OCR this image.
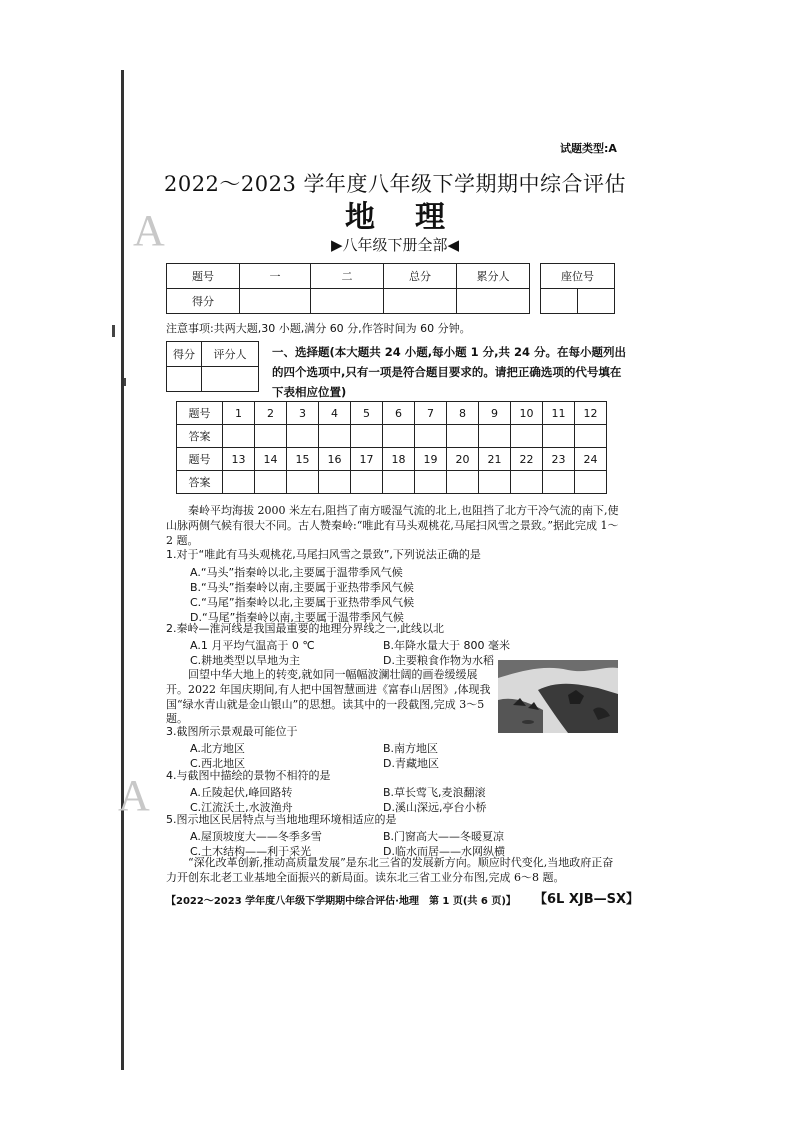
A
A
试题类型:A
2022～2023 学年度八年级下学期期中综合评估
地理
▶八年级下册全部◀
题号	一	二	总分	累分人
得分				
座位号

注意事项:共两大题,30 小题,满分 60 分,作答时间为 60 分钟。
得分	评分人
	一、选择题(本大题共 24 小题,每小题 1 分,共 24 分。在每小题列出的四个选项中,只有一项是符合题目要求的。请把正确选项的代号填在下表相应位置)
题号	1	2	3	4	5	6	7	8	9	10	11	12
答案												
题号	13	14	15	16	17	18	19	20	21	22	23	24
答案												
秦岭平均海拔 2000 米左右,阻挡了南方暖湿气流的北上,也阻挡了北方干冷气流的南下,使山脉两侧气候有很大不同。古人赞秦岭:“唯此有马头观桃花,马尾扫风雪之景致。”据此完成 1～2 题。
1.对于“唯此有马头观桃花,马尾扫风雪之景致”,下列说法正确的是
A.“马头”指秦岭以北,主要属于温带季风气候
B.“马头”指秦岭以南,主要属于亚热带季风气候
C.“马尾”指秦岭以北,主要属于亚热带季风气候
D.“马尾”指秦岭以南,主要属于温带季风气候
2.秦岭—淮河线是我国最重要的地理分界线之一,此线以北
A.1 月平均气温高于 0 ℃	B.年降水量大于 800 毫米
C.耕地类型以旱地为主	D.主要粮食作物为水稻
回望中华大地上的转变,就如同一幅幅波澜壮阔的画卷缓缓展开。2022 年国庆期间,有人把中国智慧画进《富春山居图》,体现我国“绿水青山就是金山银山”的思想。读其中的一段截图,完成 3～5 题。
3.截图所示景观最可能位于
A.北方地区	B.南方地区
C.西北地区	D.青藏地区
4.与截图中描绘的景物不相符的是
A.丘陵起伏,峰回路转	B.草长莺飞,麦浪翻滚
C.江流沃土,水波渔舟	D.溪山深远,亭台小桥
5.图示地区民居特点与当地地理环境相适应的是
A.屋顶坡度大——冬季多雪	B.门窗高大——冬暖夏凉
C.土木结构——利于采光	D.临水而居——水网纵横
“深化改革创新,推动高质量发展”是东北三省的发展新方向。顺应时代变化,当地政府正奋力开创东北老工业基地全面振兴的新局面。读东北三省工业分布图,完成 6～8 题。
【2022～2023 学年度八年级下学期期中综合评估·地理　第 1 页(共 6 页)】 【6L XJB—SX】
